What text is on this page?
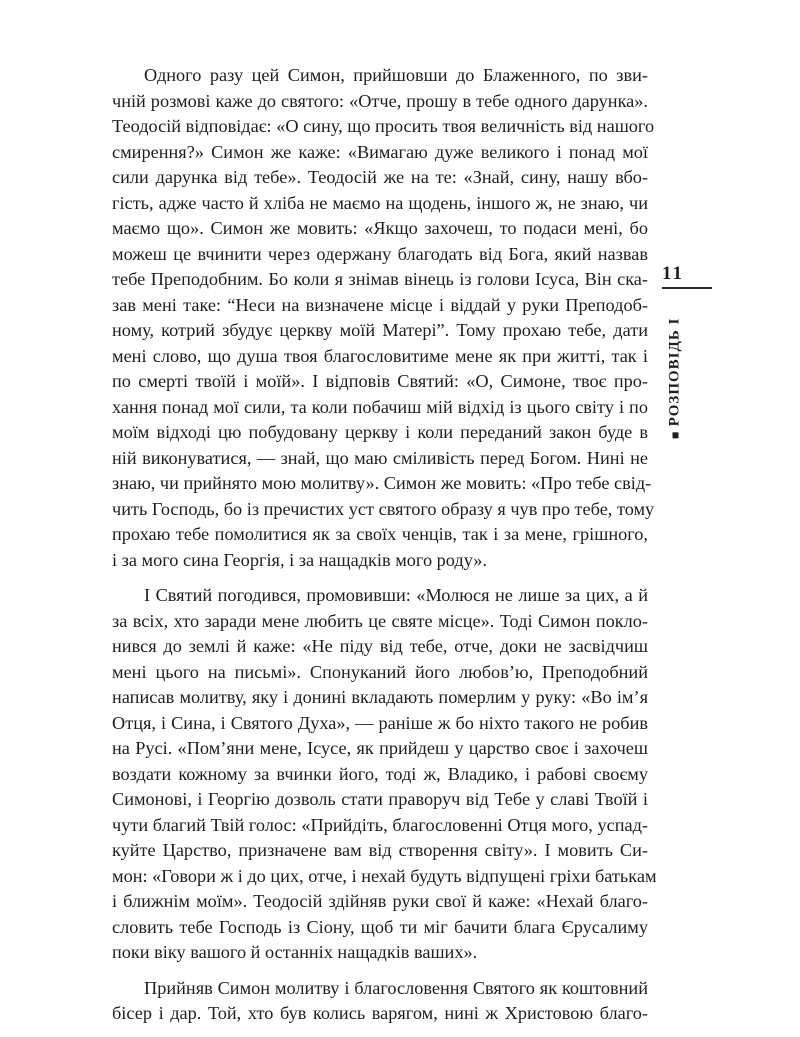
Одного разу цей Симон, прийшовши до Блаженного, по зви-
чній розмові каже до святого: «Отче, прошу в тебе одного дарунка».
Теодосій відповідає: «О сину, що просить твоя величність від нашого
смирення?» Симон же каже: «Вимагаю дуже великого і понад мої
сили дарунка від тебе». Теодосій же на те: «Знай, сину, нашу вбо-
гість, адже часто й хліба не маємо на щодень, іншого ж, не знаю, чи
маємо що». Симон же мовить: «Якщо захочеш, то подаси мені, бо
можеш це вчинити через одержану благодать від Бога, який назвав
тебе Преподобним. Бо коли я знімав вінець із голови Ісуса, Він ска-
зав мені таке: “Неси на визначене місце і віддай у руки Преподоб-
ному, котрий збудує церкву моїй Матері”. Тому прохаю тебе, дати
мені слово, що душа твоя благословитиме мене як при житті, так і
по смерті твоїй і моїй». І відповів Святий: «О, Симоне, твоє про-
хання понад мої сили, та коли побачиш мій відхід із цього світу і по
моїм відході цю побудовану церкву і коли переданий закон буде в
ній виконуватися, — знай, що маю сміливість перед Богом. Нині не
знаю, чи прийнято мою молитву». Симон же мовить: «Про тебе свід-
чить Господь, бо із пречистих уст святого образу я чув про тебе, тому
прохаю тебе помолитися як за своїх ченців, так і за мене, грішного,
і за мого сина Георгія, і за нащадків мого роду».
І Святий погодився, промовивши: «Молюся не лише за цих, а й
за всіх, хто заради мене любить це святе місце». Тоді Симон покло-
нився до землі й каже: «Не піду від тебе, отче, доки не засвідчиш
мені цього на письмі». Спонуканий його любов’ю, Преподобний
написав молитву, яку і донині вкладають померлим у руку: «Во ім’я
Отця, і Сина, і Святого Духа», — раніше ж бо ніхто такого не робив
на Русі. «Пом’яни мене, Ісусе, як прийдеш у царство своє і захочеш
воздати кожному за вчинки його, тоді ж, Владико, і рабові своєму
Симонові, і Георгію дозволь стати праворуч від Тебе у славі Твоїй і
чути благий Твій голос: «Прийдіть, благословенні Отця мого, успад-
куйте Царство, призначене вам від створення світу». І мовить Си-
мон: «Говори ж і до цих, отче, і нехай будуть відпущені гріхи батькам
і ближнім моїм». Теодосій здійняв руки свої й каже: «Нехай благо-
словить тебе Господь із Сіону, щоб ти міг бачити блага Єрусалиму
поки віку вашого й останніх нащадків ваших».
Прийняв Симон молитву і благословення Святого як коштовний
бісер і дар. Той, хто був колись варягом, нині ж Христовою благо-
11
РОЗПОВІДЬ I
